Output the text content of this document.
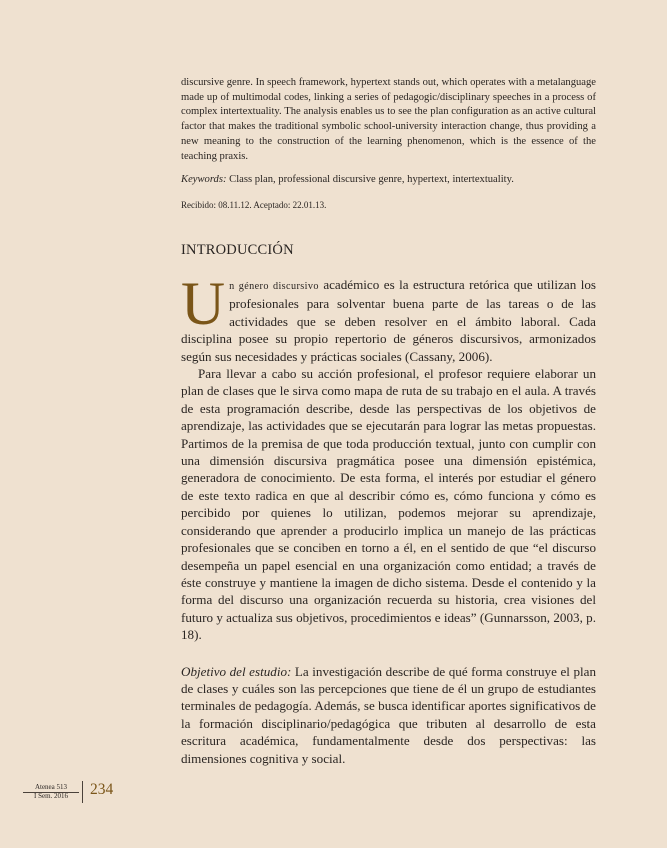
discursive genre. In speech framework, hypertext stands out, which operates with a metalanguage made up of multimodal codes, linking a series of pedagogic/disciplinary speeches in a process of complex intertextuality. The analysis enables us to see the plan configuration as an active cultural factor that makes the traditional symbolic school-university interaction change, thus providing a new meaning to the construction of the learning phenomenon, which is the essence of the teaching praxis.

Keywords: Class plan, professional discursive genre, hypertext, intertextuality.

Recibido: 08.11.12. Aceptado: 22.01.13.
INTRODUCCIÓN

Un género discursivo académico es la estructura retórica que utilizan los profesionales para solventar buena parte de las tareas o de las actividades que se deben resolver en el ámbito laboral. Cada disciplina posee su propio repertorio de géneros discursivos, armonizados según sus necesidades y prácticas sociales (Cassany, 2006).

Para llevar a cabo su acción profesional, el profesor requiere elaborar un plan de clases que le sirva como mapa de ruta de su trabajo en el aula. A través de esta programación describe, desde las perspectivas de los objetivos de aprendizaje, las actividades que se ejecutarán para lograr las metas propuestas. Partimos de la premisa de que toda producción textual, junto con cumplir con una dimensión discursiva pragmática posee una dimensión epistémica, generadora de conocimiento. De esta forma, el interés por estudiar el género de este texto radica en que al describir cómo es, cómo funciona y cómo es percibido por quienes lo utilizan, podemos mejorar su aprendizaje, considerando que aprender a producirlo implica un manejo de las prácticas profesionales que se conciben en torno a él, en el sentido de que “el discurso desempeña un papel esencial en una organización como entidad; a través de éste construye y mantiene la imagen de dicho sistema. Desde el contenido y la forma del discurso una organización recuerda su historia, crea visiones del futuro y actualiza sus objetivos, procedimientos e ideas” (Gunnarsson, 2003, p. 18).

Objetivo del estudio: La investigación describe de qué forma construye el plan de clases y cuáles son las percepciones que tiene de él un grupo de estudiantes terminales de pedagogía. Además, se busca identificar aportes significativos de la formación disciplinario/pedagógica que tributen al desarrollo de esta escritura académica, fundamentalmente desde dos perspectivas: las dimensiones cognitiva y social.

Atenea 513
I Sem. 2016	234
